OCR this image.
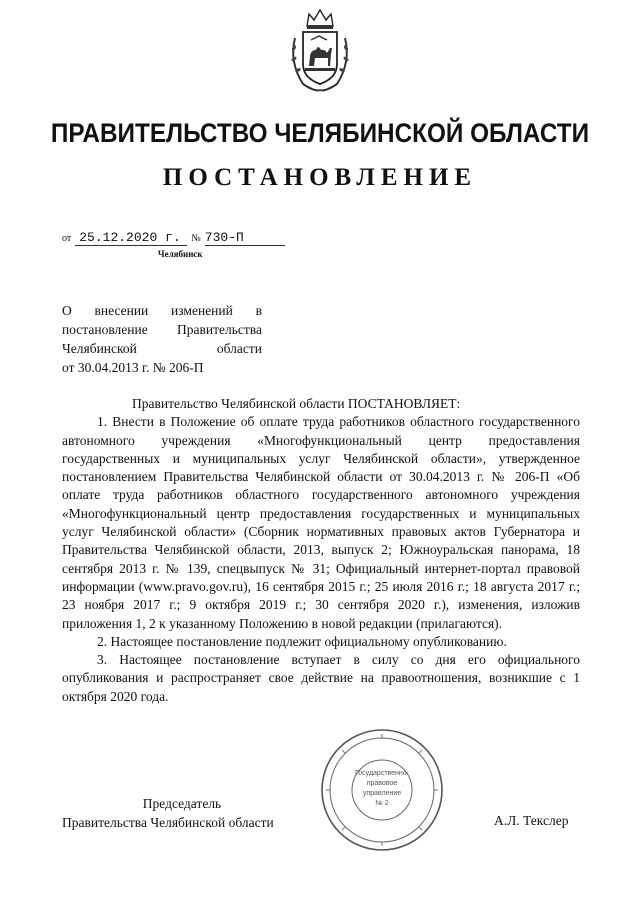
ПРАВИТЕЛЬСТВО ЧЕЛЯБИНСКОЙ ОБЛАСТИ
ПОСТАНОВЛЕНИЕ
от 25.12.2020 г. № 730-П
Челябинск
О внесении изменений в
постановление Правительства
Челябинской области
от 30.04.2013 г. № 206-П

Правительство Челябинской области ПОСТАНОВЛЯЕТ:

1. Внести в Положение об оплате труда работников областного государственного автономного учреждения «Многофункциональный центр предоставления государственных и муниципальных услуг Челябинской области», утвержденное постановлением Правительства Челябинской области от 30.04.2013 г. № 206-П «Об оплате труда работников областного государственного автономного учреждения «Многофункциональный центр предоставления государственных и муниципальных услуг Челябинской области» (Сборник нормативных правовых актов Губернатора и Правительства Челябинской области, 2013, выпуск 2; Южноуральская панорама, 18 сентября 2013 г. № 139, спецвыпуск № 31; Официальный интернет-портал правовой информации (www.pravo.gov.ru), 16 сентября 2015 г.; 25 июля 2016 г.; 18 августа 2017 г.; 23 ноября 2017 г.; 9 октября 2019 г.; 30 сентября 2020 г.), изменения, изложив приложения 1, 2 к указанному Положению в новой редакции (прилагаются).

2. Настоящее постановление подлежит официальному опубликованию.

3. Настоящее постановление вступает в силу со дня его официального опубликования и распространяет свое действие на правоотношения, возникшие с 1 октября 2020 года.

Государственно-
правовое
управление
№ 2
Председатель
Правительства Челябинской области	А.Л. Текслер
